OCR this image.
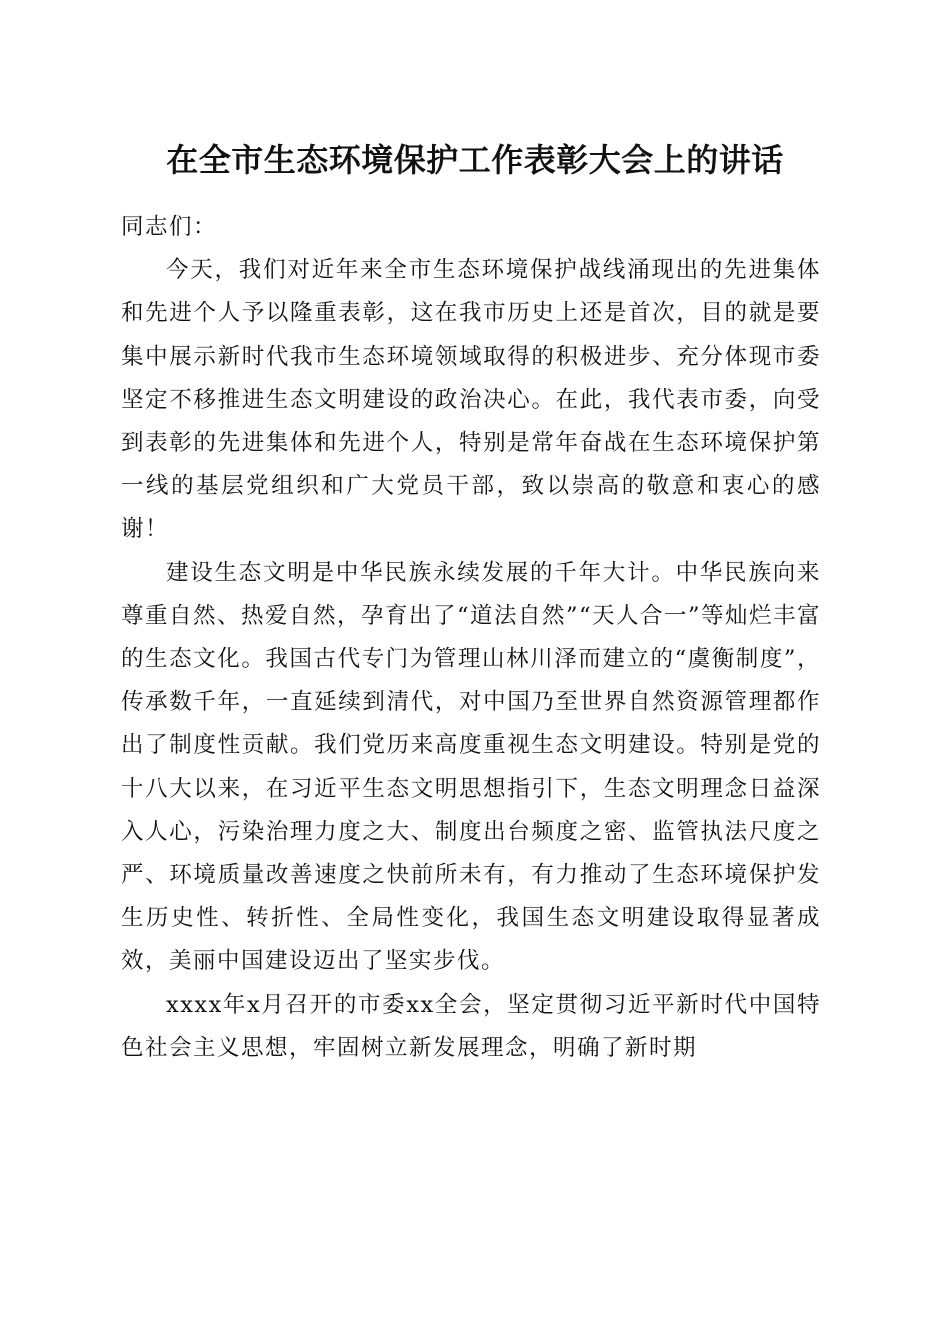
在全市生态环境保护工作表彰大会上的讲话

同志们：

今天，我们对近年来全市生态环境保护战线涌现出的先进集体和先进个人予以隆重表彰，这在我市历史上还是首次，目的就是要集中展示新时代我市生态环境领域取得的积极进步、充分体现市委坚定不移推进生态文明建设的政治决心。在此，我代表市委，向受到表彰的先进集体和先进个人，特别是常年奋战在生态环境保护第一线的基层党组织和广大党员干部，致以崇高的敬意和衷心的感谢！

建设生态文明是中华民族永续发展的千年大计。中华民族向来尊重自然、热爱自然，孕育出了“道法自然”“天人合一”等灿烂丰富的生态文化。我国古代专门为管理山林川泽而建立的“虞衡制度”，传承数千年，一直延续到清代，对中国乃至世界自然资源管理都作出了制度性贡献。我们党历来高度重视生态文明建设。特别是党的十八大以来，在习近平生态文明思想指引下，生态文明理念日益深入人心，污染治理力度之大、制度出台频度之密、监管执法尺度之严、环境质量改善速度之快前所未有，有力推动了生态环境保护发生历史性、转折性、全局性变化，我国生态文明建设取得显著成效，美丽中国建设迈出了坚实步伐。

xxxx年x月召开的市委xx全会，坚定贯彻习近平新时代中国特色社会主义思想，牢固树立新发展理念，明确了新时期
